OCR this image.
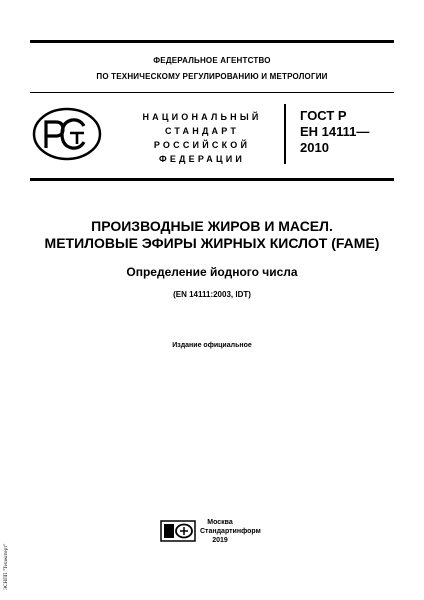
ФЕДЕРАЛЬНОЕ АГЕНТСТВО
ПО ТЕХНИЧЕСКОМУ РЕГУЛИРОВАНИЮ И МЕТРОЛОГИИ
НАЦИОНАЛЬНЫЙ
СТАНДАРТ
РОССИЙСКОЙ
ФЕДЕРАЦИИ
ГОСТ Р
ЕН 14111—
2010
ПРОИЗВОДНЫЕ ЖИРОВ И МАСЕЛ.
МЕТИЛОВЫЕ ЭФИРЫ ЖИРНЫХ КИСЛОТ (FAME)
Определение йодного числа
(EN 14111:2003, IDT)
Издание официальное
Москва
Стандартинформ
2019
ЭСНПП "Техэксперт"
